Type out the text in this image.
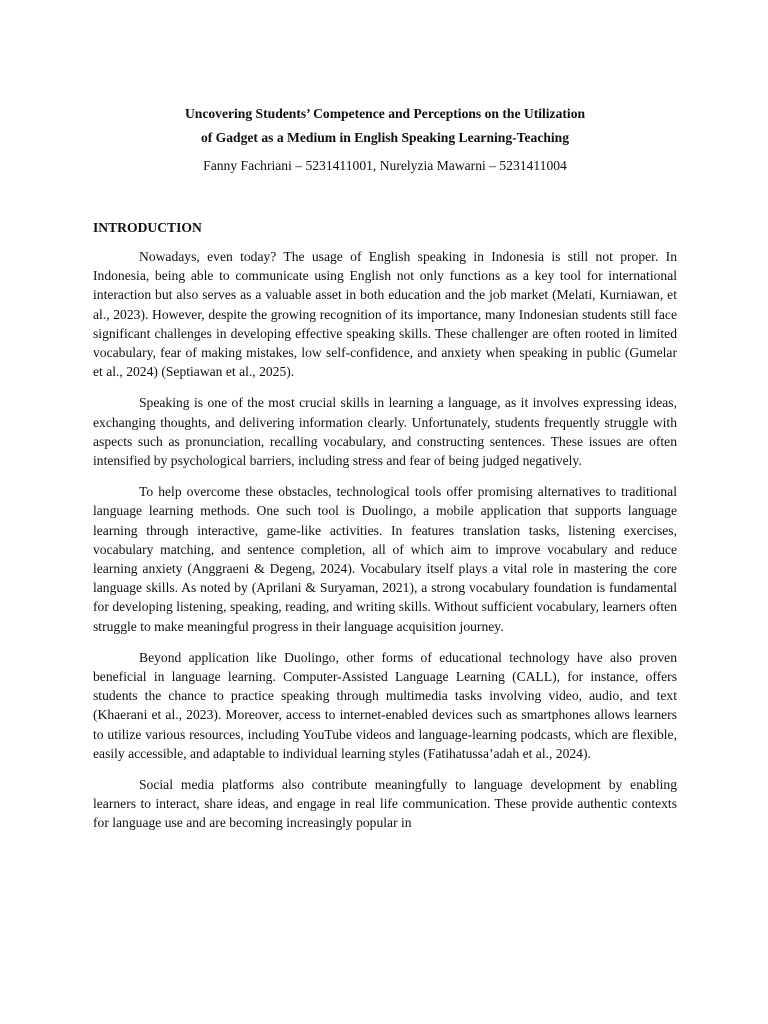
Uncovering Students’ Competence and Perceptions on the Utilization

of Gadget as a Medium in English Speaking Learning-Teaching

Fanny Fachriani – 5231411001, Nurelyzia Mawarni – 5231411004

INTRODUCTION

Nowadays, even today? The usage of English speaking in Indonesia is still not proper. In Indonesia, being able to communicate using English not only functions as a key tool for international interaction but also serves as a valuable asset in both education and the job market (Melati, Kurniawan, et al., 2023). However, despite the growing recognition of its importance, many Indonesian students still face significant challenges in developing effective speaking skills. These challenger are often rooted in limited vocabulary, fear of making mistakes, low self-confidence, and anxiety when speaking in public (Gumelar et al., 2024) (Septiawan et al., 2025).

Speaking is one of the most crucial skills in learning a language, as it involves expressing ideas, exchanging thoughts, and delivering information clearly. Unfortunately, students frequently struggle with aspects such as pronunciation, recalling vocabulary, and constructing sentences. These issues are often intensified by psychological barriers, including stress and fear of being judged negatively.

To help overcome these obstacles, technological tools offer promising alternatives to traditional language learning methods. One such tool is Duolingo, a mobile application that supports language learning through interactive, game-like activities. In features translation tasks, listening exercises, vocabulary matching, and sentence completion, all of which aim to improve vocabulary and reduce learning anxiety (Anggraeni & Degeng, 2024). Vocabulary itself plays a vital role in mastering the core language skills. As noted by (Aprilani & Suryaman, 2021), a strong vocabulary foundation is fundamental for developing listening, speaking, reading, and writing skills. Without sufficient vocabulary, learners often struggle to make meaningful progress in their language acquisition journey.

Beyond application like Duolingo, other forms of educational technology have also proven beneficial in language learning. Computer-Assisted Language Learning (CALL), for instance, offers students the chance to practice speaking through multimedia tasks involving video, audio, and text (Khaerani et al., 2023). Moreover, access to internet-enabled devices such as smartphones allows learners to utilize various resources, including YouTube videos and language-learning podcasts, which are flexible, easily accessible, and adaptable to individual learning styles (Fatihatussa’adah et al., 2024).

Social media platforms also contribute meaningfully to language development by enabling learners to interact, share ideas, and engage in real life communication. These provide authentic contexts for language use and are becoming increasingly popular in
